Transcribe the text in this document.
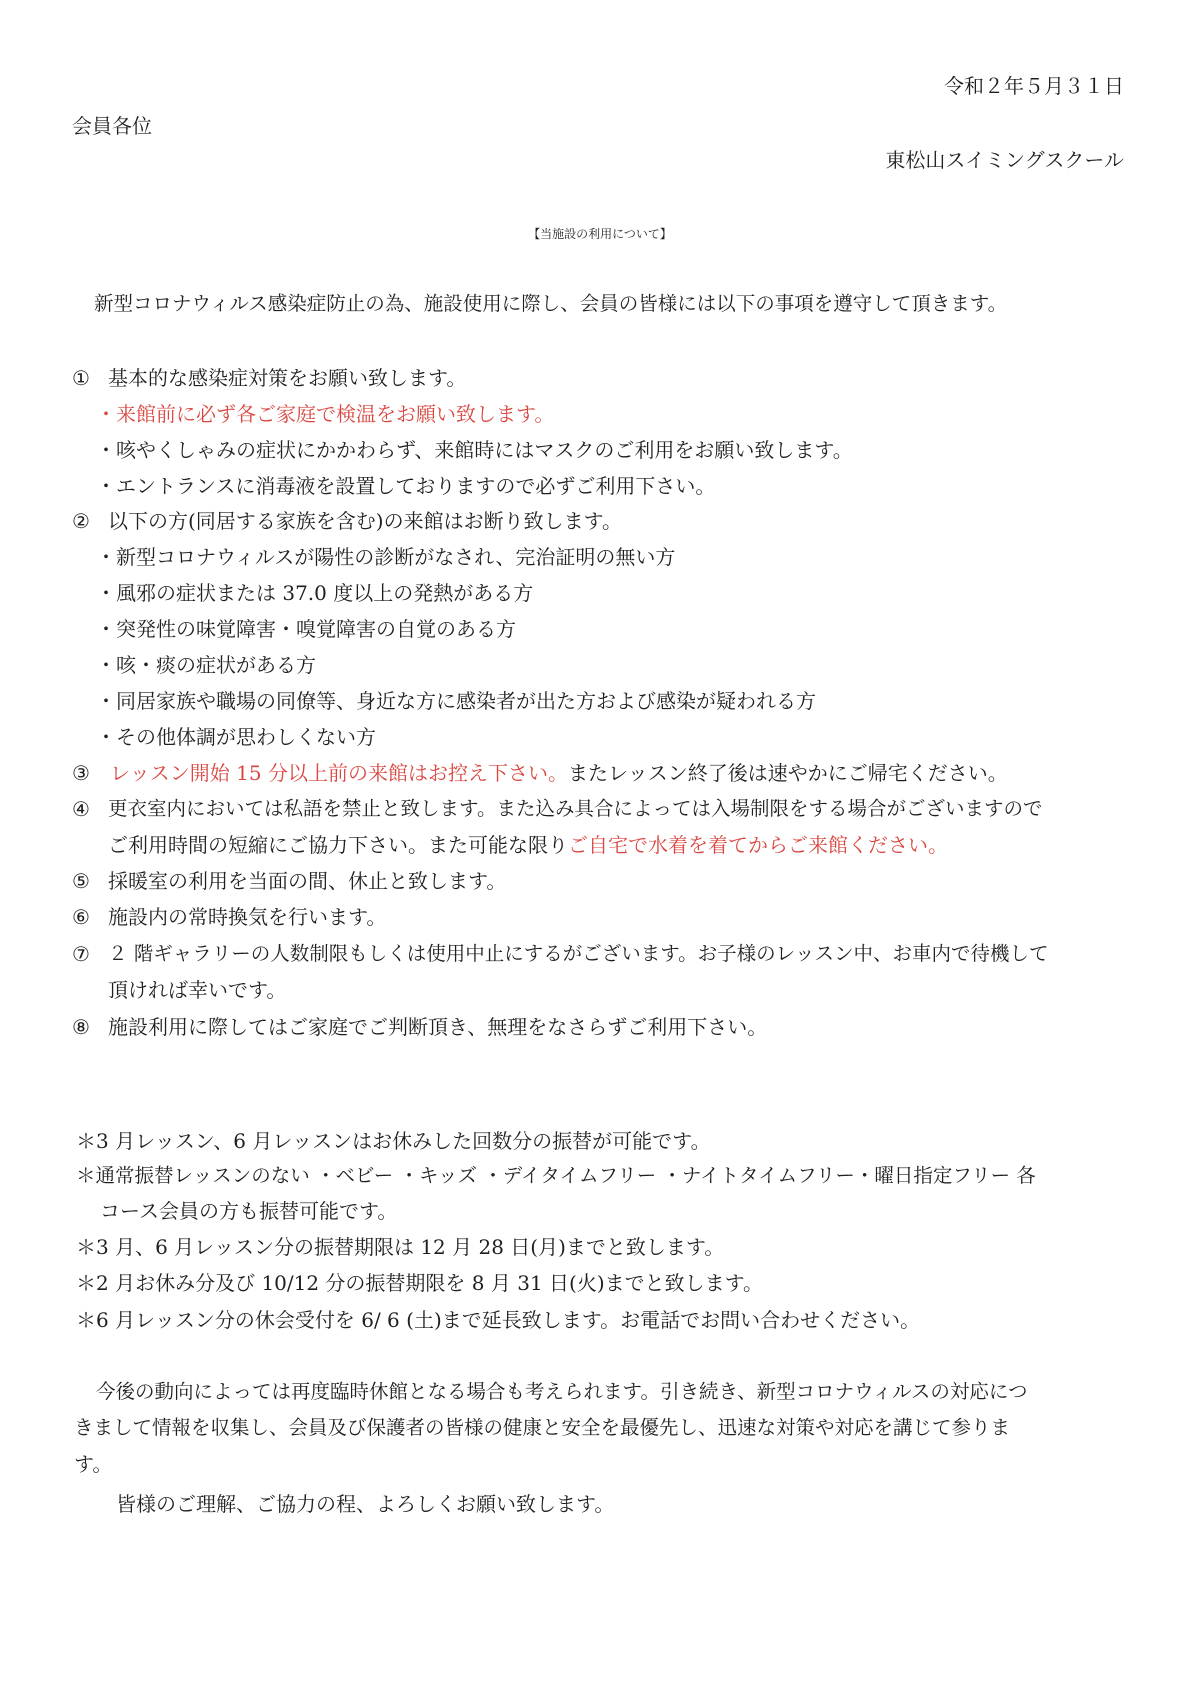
令和２年５月３１日
会員各位
東松山スイミングスクール
【当施設の利用について】
新型コロナウィルス感染症防止の為、施設使用に際し、会員の皆様には以下の事項を遵守して頂きます。
① 基本的な感染症対策をお願い致します。
・来館前に必ず各ご家庭で検温をお願い致します。
・咳やくしゃみの症状にかかわらず、来館時にはマスクのご利用をお願い致します。
・エントランスに消毒液を設置しておりますので必ずご利用下さい。
② 以下の方(同居する家族を含む)の来館はお断り致します。
・新型コロナウィルスが陽性の診断がなされ、完治証明の無い方
・風邪の症状または 37.0 度以上の発熱がある方
・突発性の味覚障害・嗅覚障害の自覚のある方
・咳・痰の症状がある方
・同居家族や職場の同僚等、身近な方に感染者が出た方および感染が疑われる方
・その他体調が思わしくない方
③ レッスン開始 15 分以上前の来館はお控え下さい。またレッスン終了後は速やかにご帰宅ください。
④ 更衣室内においては私語を禁止と致します。また込み具合によっては入場制限をする場合がございますので
ご利用時間の短縮にご協力下さい。また可能な限りご自宅で水着を着てからご来館ください。
⑤ 採暖室の利用を当面の間、休止と致します。
⑥ 施設内の常時換気を行います。
⑦ ２ 階ギャラリーの人数制限もしくは使用中止にするがございます。お子様のレッスン中、お車内で待機して
頂ければ幸いです。
⑧ 施設利用に際してはご家庭でご判断頂き、無理をなさらずご利用下さい。
＊3 月レッスン、6 月レッスンはお休みした回数分の振替が可能です。
＊通常振替レッスンのない ・ベビー ・キッズ ・デイタイムフリー ・ナイトタイムフリー・曜日指定フリー 各
コース会員の方も振替可能です。
＊3 月、6 月レッスン分の振替期限は 12 月 28 日(月)までと致します。
＊2 月お休み分及び 10/12 分の振替期限を 8 月 31 日(火)までと致します。
＊6 月レッスン分の休会受付を 6/ 6 (土)まで延長致します。お電話でお問い合わせください。
今後の動向によっては再度臨時休館となる場合も考えられます。引き続き、新型コロナウィルスの対応につ
きまして情報を収集し、会員及び保護者の皆様の健康と安全を最優先し、迅速な対策や対応を講じて参りま
す。
皆様のご理解、ご協力の程、よろしくお願い致します。
